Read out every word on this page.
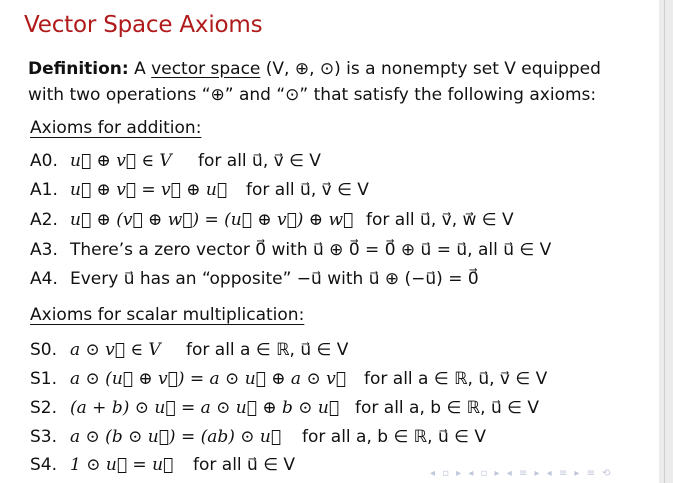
Vector Space Axioms
Definition: A vector space (V, ⊕, ⊙) is a nonempty set V equipped
with two operations “⊕” and “⊙” that satisfy the following axioms:
Axioms for addition:
A0. u⃗ ⊕ v⃗ ∈ V for all u⃗, v⃗ ∈ V
A1. u⃗ ⊕ v⃗ = v⃗ ⊕ u⃗ for all u⃗, v⃗ ∈ V
A2. u⃗ ⊕ (v⃗ ⊕ w⃗) = (u⃗ ⊕ v⃗) ⊕ w⃗ for all u⃗, v⃗, w⃗ ∈ V
A3. There’s a zero vector 0⃗ with u⃗ ⊕ 0⃗ = 0⃗ ⊕ u⃗ = u⃗, all u⃗ ∈ V
A4. Every u⃗ has an “opposite” −u⃗ with u⃗ ⊕ (−u⃗) = 0⃗
Axioms for scalar multiplication:
S0. a ⊙ v⃗ ∈ V for all a ∈ ℝ, u⃗ ∈ V
S1. a ⊙ (u⃗ ⊕ v⃗) = a ⊙ u⃗ ⊕ a ⊙ v⃗ for all a ∈ ℝ, u⃗, v⃗ ∈ V
S2. (a + b) ⊙ u⃗ = a ⊙ u⃗ ⊕ b ⊙ u⃗ for all a, b ∈ ℝ, u⃗ ∈ V
S3. a ⊙ (b ⊙ u⃗) = (ab) ⊙ u⃗ for all a, b ∈ ℝ, u⃗ ∈ V
S4. 1 ⊙ u⃗ = u⃗ for all u⃗ ∈ V	◂ ▫ ▸ ◂ ▫ ▸ ◂ ≡ ▸ ◂ ≡ ▸ ≡ ⟲
